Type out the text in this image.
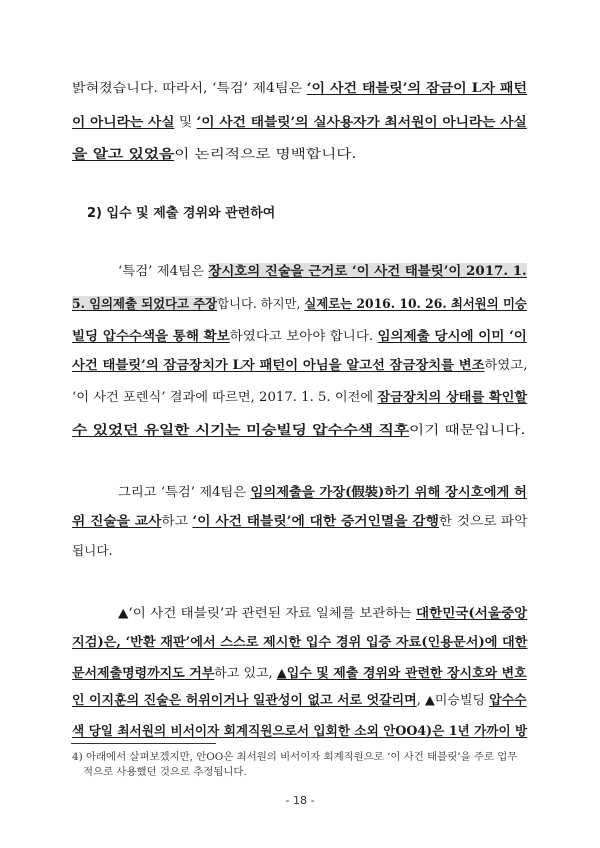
밝혀졌습니다. 따라서, ‘특검’ 제4팀은 ‘이 사건 태블릿’의 잠금이 L자 패턴
이 아니라는 사실 및 ‘이 사건 태블릿’의 실사용자가 최서원이 아니라는 사실
을 알고 있었음이 논리적으로 명백합니다.
‘특검’ 제4팀은 장시호의 진술을 근거로 ‘이 사건 태블릿’이 2017. 1.
5. 임의제출 되었다고 주장합니다. 하지만, 실제로는 2016. 10. 26. 최서원의 미승
빌딩 압수수색을 통해 확보하였다고 보아야 합니다. 임의제출 당시에 이미 ‘이
사건 태블릿’의 잠금장치가 L자 패턴이 아님을 알고선 잠금장치를 변조하였고,
‘이 사건 포렌식’ 결과에 따르면, 2017. 1. 5. 이전에 잠금장치의 상태를 확인할
수 있었던 유일한 시기는 미승빌딩 압수수색 직후이기 때문입니다.
그리고 ‘특검’ 제4팀은 임의제출을 가장(假裝)하기 위해 장시호에게 허
위 진술을 교사하고 ‘이 사건 태블릿’에 대한 증거인멸을 감행한 것으로 파악
됩니다.
▲‘이 사건 태블릿’과 관련된 자료 일체를 보관하는 대한민국(서울중앙
지검)은, ‘반환 재판’에서 스스로 제시한 입수 경위 입증 자료(인용문서)에 대한
문서제출명령까지도 거부하고 있고, ▲입수 및 제출 경위와 관련한 장시호와 변호
인 이지훈의 진술은 허위이거나 일관성이 없고 서로 엇갈리며, ▲미승빌딩 압수수
색 당일 최서원의 비서이자 회계직원으로서 입회한 소외 안OO4)은 1년 가까이 방
2) 입수 및 제출 경위와 관련하여
4) 아래에서 살펴보겠지만, 안OO은 최서원의 비서이자 회계직원으로 ‘이 사건 태블릿’을 주로 업무
적으로 사용했던 것으로 추정됩니다.
- 18 -
